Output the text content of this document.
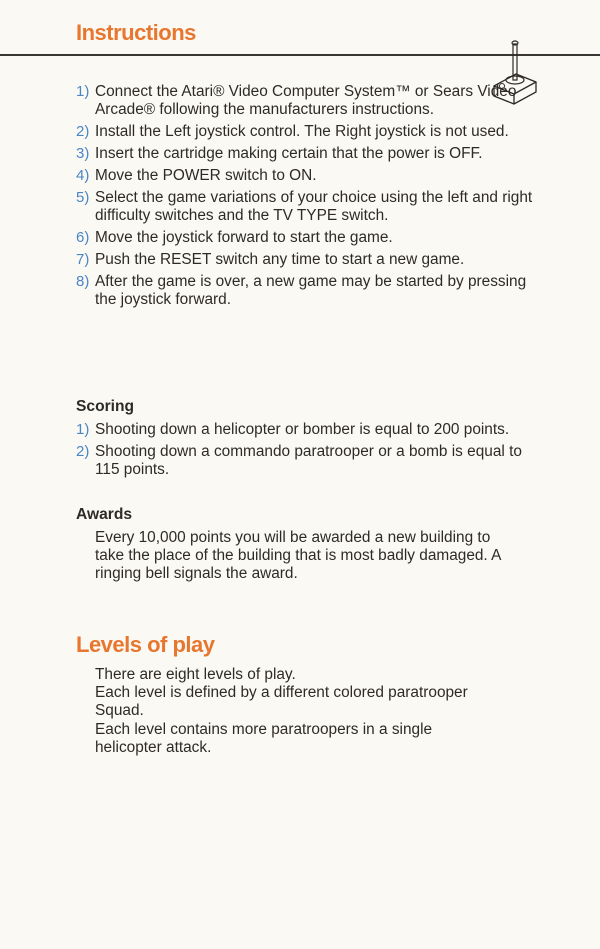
Instructions
1) Connect the Atari® Video Computer System™ or Sears Video Arcade® following the manufacturers instructions.
2) Install the Left joystick control. The Right joystick is not used.
3) Insert the cartridge making certain that the power is OFF.
4) Move the POWER switch to ON.
5) Select the game variations of your choice using the left and right difficulty switches and the TV TYPE switch.
6) Move the joystick forward to start the game.
7) Push the RESET switch any time to start a new game.
8) After the game is over, a new game may be started by pressing the joystick forward.
Scoring
1) Shooting down a helicopter or bomber is equal to 200 points.
2) Shooting down a commando paratrooper or a bomb is equal to 115 points.
Awards
Every 10,000 points you will be awarded a new building to take the place of the building that is most badly damaged. A ringing bell signals the award.
Levels of play
There are eight levels of play.
Each level is defined by a different colored paratrooper Squad.
Each level contains more paratroopers in a single helicopter attack.
